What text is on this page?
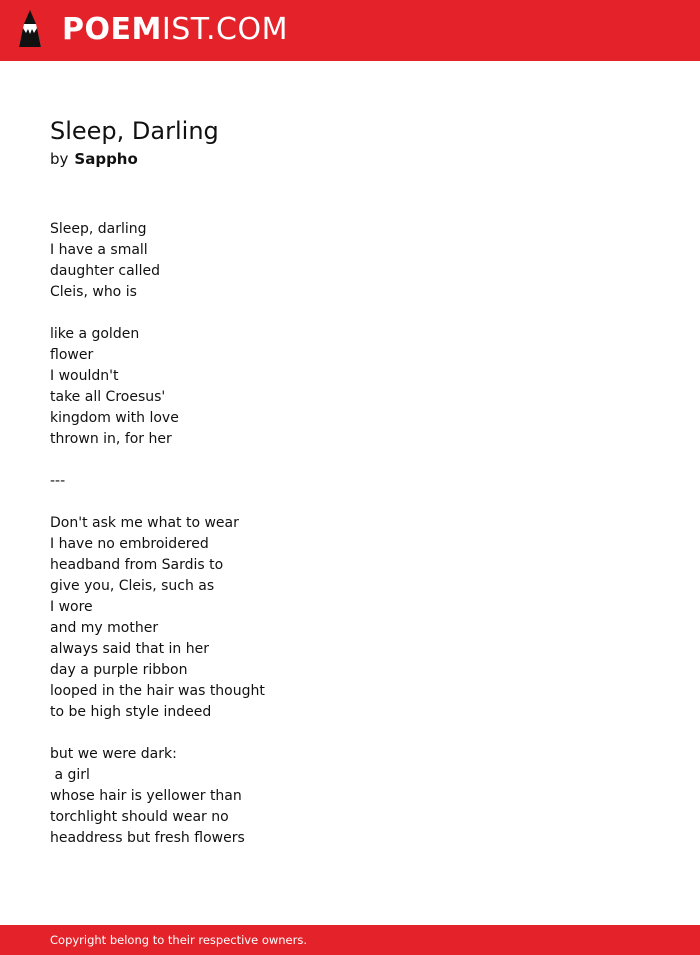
POEMIST.COM
Sleep, Darling
by Sappho

Sleep, darling
I have a small
daughter called
Cleis, who is

like a golden
flower
I wouldn't
take all Croesus'
kingdom with love
thrown in, for her

---

Don't ask me what to wear
I have no embroidered
headband from Sardis to
give you, Cleis, such as
I wore
and my mother
always said that in her
day a purple ribbon
looped in the hair was thought
to be high style indeed

but we were dark:
a girl
whose hair is yellower than
torchlight should wear no
headdress but fresh flowers

Copyright belong to their respective owners.
